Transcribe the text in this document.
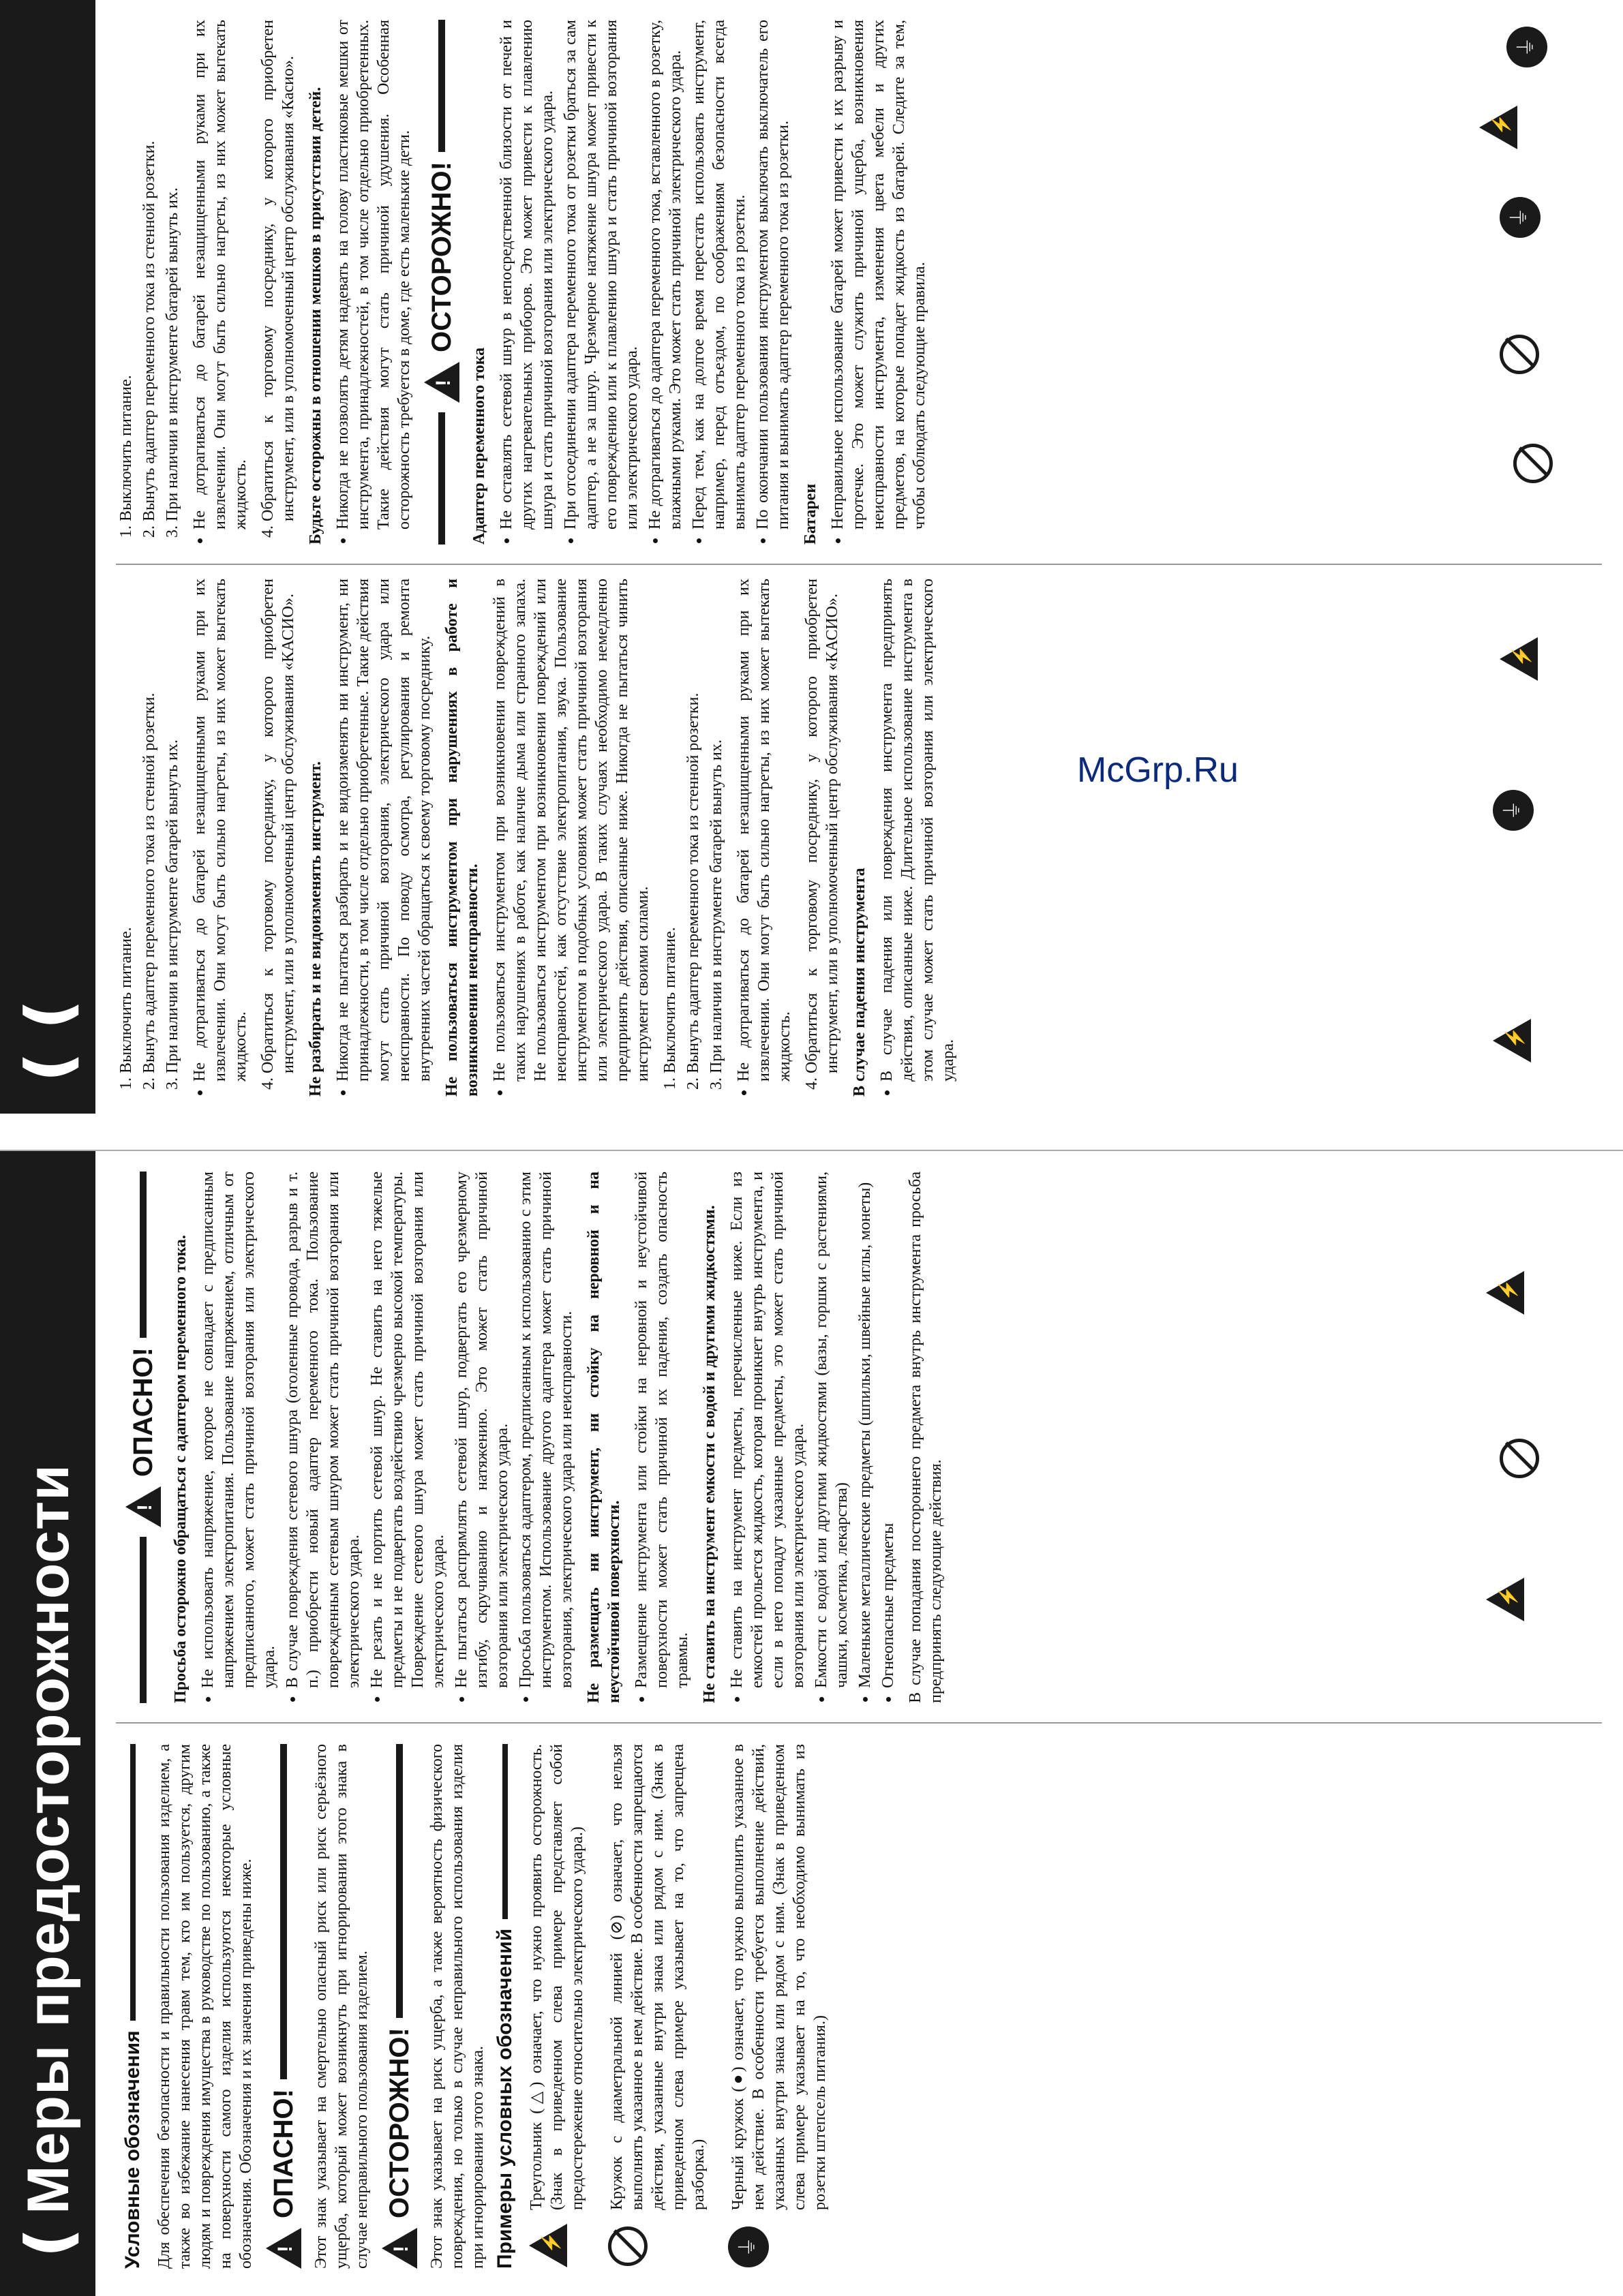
❪
Меры предосторожности
❪❪
Условные обозначения Для обеспечения безопасности и правильности пользования изделием, а также во избежание нанесения травм тем, кто им пользуется, другим людям и повреждения имущества в руководстве по пользованию, а также на поверхности самого изделия используются некоторые условные обозначения. Обозначения и их значения приведены ниже.

! ОПАСНО! Этот знак указывает на смертельно опасный риск или риск серьёзного ущерба, который может возникнуть при игнорировании этого знака в случае неправильного пользования изделием.

! ОСТОРОЖНО! Этот знак указывает на риск ущерба, а также вероятность физического повреждения, но только в случае неправильного использования изделия при игнорировании этого знака. Примеры условных обозначений
⚡ Треугольник (△) означает, что нужно проявить осторожность. (Знак в приведенном слева примере представляет собой предостережение относительно электрического удара.) Кружок с диаметральной линией (⊘) означает, что нельзя выполнять указанное в нем действие. В особенности запрещаются действия, указанные внутри знака или рядом с ним. (Знак в приведенном слева примере указывает на то, что запрещена разборка.)

⏚

Черный кружок (●) означает, что нужно выполнить указанное в нем действие. В особенности требуется выполнение действий, указанных внутри знака или рядом с ним. (Знак в приведенном слева примере указывает на то, что необходимо вынимать из розетки штепсель питания.)

!
ОПАСНО! Просьба осторожно обращаться с адаптером переменного тока. • Не использовать напряжение, которое не совпадает с предписанным напряжением электропитания. Пользование напряжением, отличным от предписанного, может стать причиной возгорания или электрического удара. • В случае повреждения сетевого шнура (оголенные провода, разрыв и т. п.) приобрести новый адаптер переменного тока. Пользование поврежденным сетевым шнуром может стать причиной возгорания или электрического удара. • Не резать и не портить сетевой шнур. Не ставить на него тяжелые предметы и не подвергать воздействию чрезмерно высокой температуры. Повреждение сетевого шнура может стать причиной возгорания или электрического удара. • Не пытаться распрямлять сетевой шнур, подвергать его чрезмерному изгибу, скручиванию и натяжению. Это может стать причиной возгорания или электрического удара. • Просьба пользоваться адаптером, предписанным к использованию с этим инструментом. Использование другого адаптера может стать причиной возгорания, электрического удара или неисправности. Не размещать ни инструмент, ни стойку на неровной и на неустойчивой поверхности. • Размещение инструмента или стойки на неровной и неустойчивой поверхности может стать причиной их падения, создать опасность травмы. Не ставить на инструмент емкости с водой и другими жидкостями. • Не ставить на инструмент предметы, перечисленные ниже. Если из емкостей прольется жидкость, которая проникнет внутрь инструмента, и если в него попадут указанные предметы, это может стать причиной возгорания или электрического удара. • Емкости с водой или другими жидкостями (вазы, горшки с растениями, чашки, косметика, лекарства) • Маленькие металлические предметы (шпильки, швейные иглы, монеты) • Огнеопасные предметы В случае попадания постороннего предмета внутрь инструмента просьба предпринять следующие действия.

1. Выключить питание. 2. Вынуть адаптер переменного тока из стенной розетки. 3. При наличии в инструменте батарей вынуть их. • Не дотрагиваться до батарей незащищенными руками при их извлечении. Они могут быть сильно нагреты, из них может вытекать жидкость. 4. Обратиться к торговому посреднику, у которого приобретен инструмент, или в уполномоченный центр обслуживания «КАСИО». Не разбирать и не видоизменять инструмент. • Никогда не пытаться разбирать и не видоизменять ни инструмент, ни принадлежности, в том числе отдельно приобретенные. Такие действия могут стать причиной возгорания, электрического удара или неисправности. По поводу осмотра, регулирования и ремонта внутренних частей обращаться к своему торговому посреднику. Не пользоваться инструментом при нарушениях в работе и возникновении неисправности. • Не пользоваться инструментом при возникновении повреждений в таких нарушениях в работе, как наличие дыма или странного запаха. Не пользоваться инструментом при возникновении повреждений или неисправностей, как отсутствие электропитания, звука. Пользование инструментом в подобных условиях может стать причиной возгорания или электрического удара. В таких случаях необходимо немедленно предпринять действия, описанные ниже. Никогда не пытаться чинить инструмент своими силами. 1. Выключить питание. 2. Вынуть адаптер переменного тока из стенной розетки. 3. При наличии в инструменте батарей вынуть их. • Не дотрагиваться до батарей незащищенными руками при их извлечении. Они могут быть сильно нагреты, из них может вытекать жидкость. 4. Обратиться к торговому посреднику, у которого приобретен инструмент, или в уполномоченный центр обслуживания «КАСИО». В случае падения инструмента • В случае падения или повреждения инструмента предпринять действия, описанные ниже. Длительное использование инструмента в этом случае может стать причиной возгорания или электрического удара.
1. Выключить питание. 2. Вынуть адаптер переменного тока из стенной розетки. 3. При наличии в инструменте батарей вынуть их. • Не дотрагиваться до батарей незащищенными руками при их извлечении. Они могут быть сильно нагреты, из них может вытекать жидкость. 4. Обратиться к торговому посреднику, у которого приобретен инструмент, или в уполномоченный центр обслуживания «Касио». Будьте осторожны в отношении мешков в присутствии детей. • Никогда не позволять детям надевать на голову пластиковые мешки от инструмента, принадлежностей, в том числе отдельно приобретенных. Такие действия могут стать причиной удушения. Особенная осторожность требуется в доме, где есть маленькие дети.
! ОСТОРОЖНО!

Адаптер переменного тока • Не оставлять сетевой шнур в непосредственной близости от печей и других нагревательных приборов. Это может привести к плавлению шнура и стать причиной возгорания или электрического удара. • При отсоединении адаптера переменного тока от розетки браться за сам адаптер, а не за шнур. Чрезмерное натяжение шнура может привести к его повреждению или к плавлению шнура и стать причиной возгорания или электрического удара. • Не дотрагиваться до адаптера переменного тока, вставленного в розетку, влажными руками. Это может стать причиной электрического удара. • Перед тем, как на долгое время перестать использовать инструмент, например, перед отъездом, по соображениям безопасности всегда вынимать адаптер переменного тока из розетки. • По окончании пользования инструментом выключать выключатель его питания и вынимать адаптер переменного тока из розетки. Батареи • Неправильное использование батарей может привести к их разрыву и протечке. Это может служить причиной ущерба, возникновения неисправности инструмента, изменения цвета мебели и других предметов, на которые попадет жидкость из батарей. Следите за тем, чтобы соблюдать следующие правила.
⚡
⚡
⏚
⚡
⏚
⚡
⚡
⏚
McGrp.Ru
